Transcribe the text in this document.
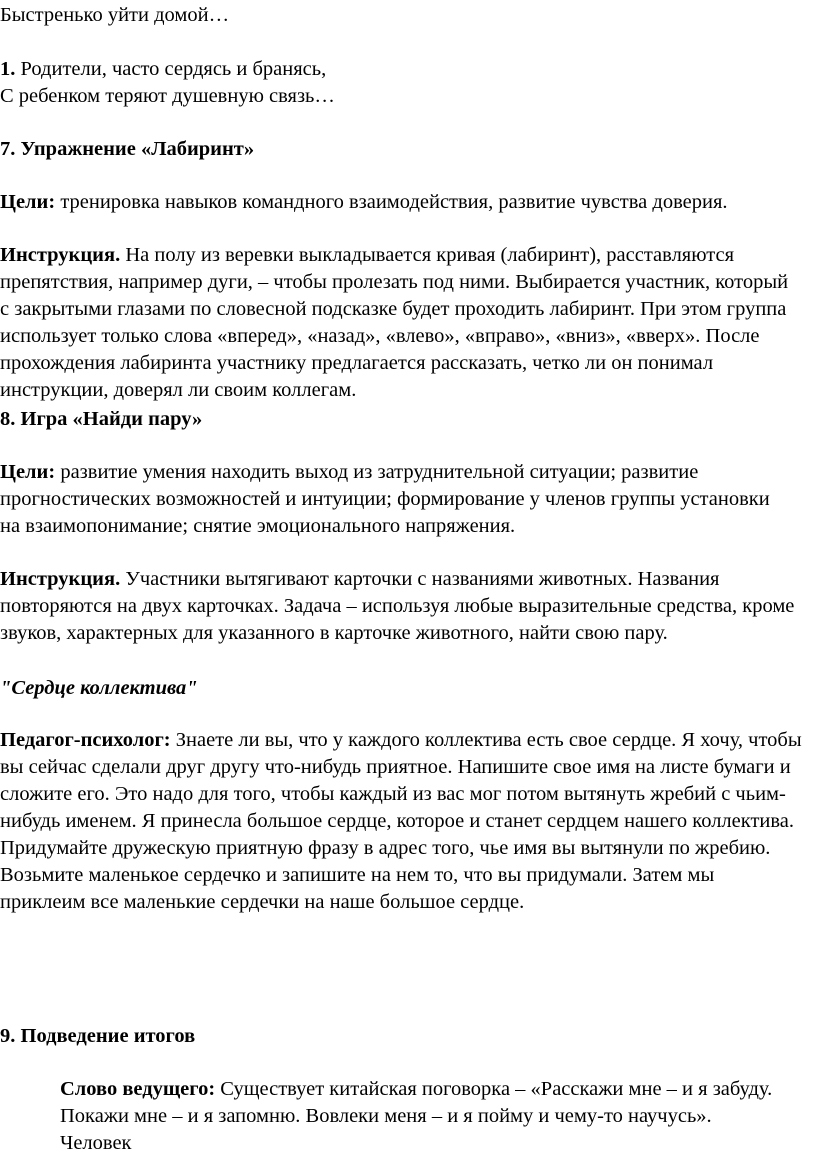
Быстренько уйти домой…

1. Родители, часто сердясь и бранясь,

С ребенком теряют душевную связь…

7. Упражнение «Лабиринт»

Цели: тренировка навыков командного взаимодействия, развитие чувства доверия.

Инструкция. На полу из веревки выкладывается кривая (лабиринт), расставляются препятствия, например дуги, – чтобы пролезать под ними. Выбирается участник, который с закрытыми глазами по словесной подсказке будет проходить лабиринт. При этом группа использует только слова «вперед», «назад», «влево», «вправо», «вниз», «вверх». После прохождения лабиринта участнику предлагается рассказать, четко ли он понимал инструкции, доверял ли своим коллегам.

8. Игра «Найди пару»

Цели: развитие умения находить выход из затруднительной ситуации; развитие прогностических возможностей и интуиции; формирование у членов группы установки на взаимопонимание; снятие эмоционального напряжения.

Инструкция. Участники вытягивают карточки с названиями животных. Названия повторяются на двух карточках. Задача – используя любые выразительные средства, кроме звуков, характерных для указанного в карточке животного, найти свою пару.

"Сердце коллектива"

Педагог-психолог: Знаете ли вы, что у каждого коллектива есть свое сердце. Я хочу, чтобы вы сейчас сделали друг другу что-нибудь приятное. Напишите свое имя на листе бумаги и сложите его. Это надо для того, чтобы каждый из вас мог потом вытянуть жребий с чьим-нибудь именем. Я принесла большое сердце, которое и станет сердцем нашего коллектива. Придумайте дружескую приятную фразу в адрес того, чье имя вы вытянули по жребию. Возьмите маленькое сердечко и запишите на нем то, что вы придумали. Затем мы приклеим все маленькие сердечки на наше большое сердце.

9. Подведение итогов

Слово ведущего: Существует китайская поговорка – «Расскажи мне – и я забуду. Покажи мне – и я запомню. Вовлеки меня – и я пойму и чему-то научусь». Человек
